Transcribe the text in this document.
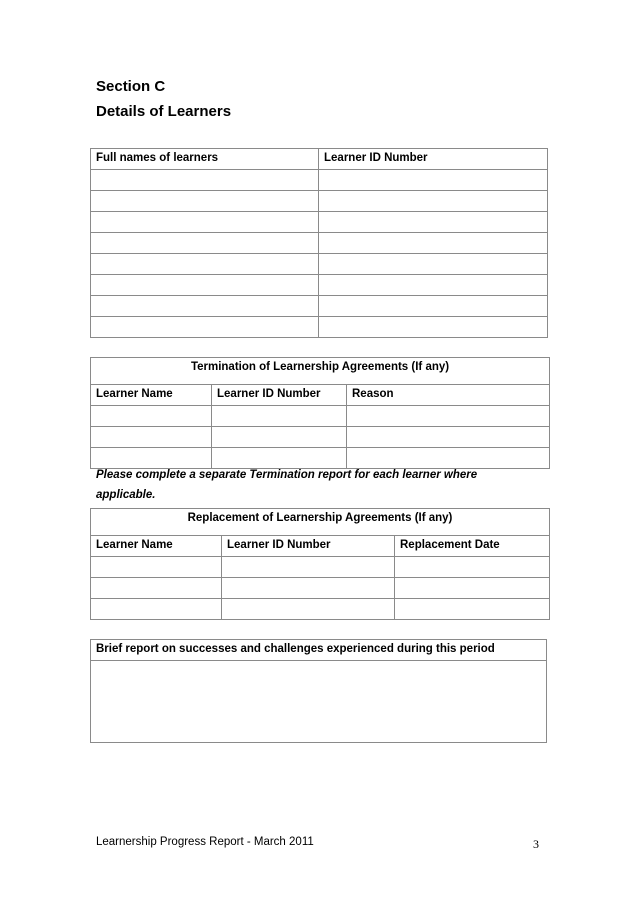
Section C
Details of Learners
Full names of learners	Learner ID Number

Termination of Learnership Agreements (If any)		

Learner Name	Learner ID Number	Reason

Please complete a separate Termination report for each learner where
applicable.
Replacement of Learnership Agreements (If any)		

Learner Name	Learner ID Number	Replacement Date

Brief report on successes and challenges experienced during this period

Learnership Progress Report - March 2011	3
